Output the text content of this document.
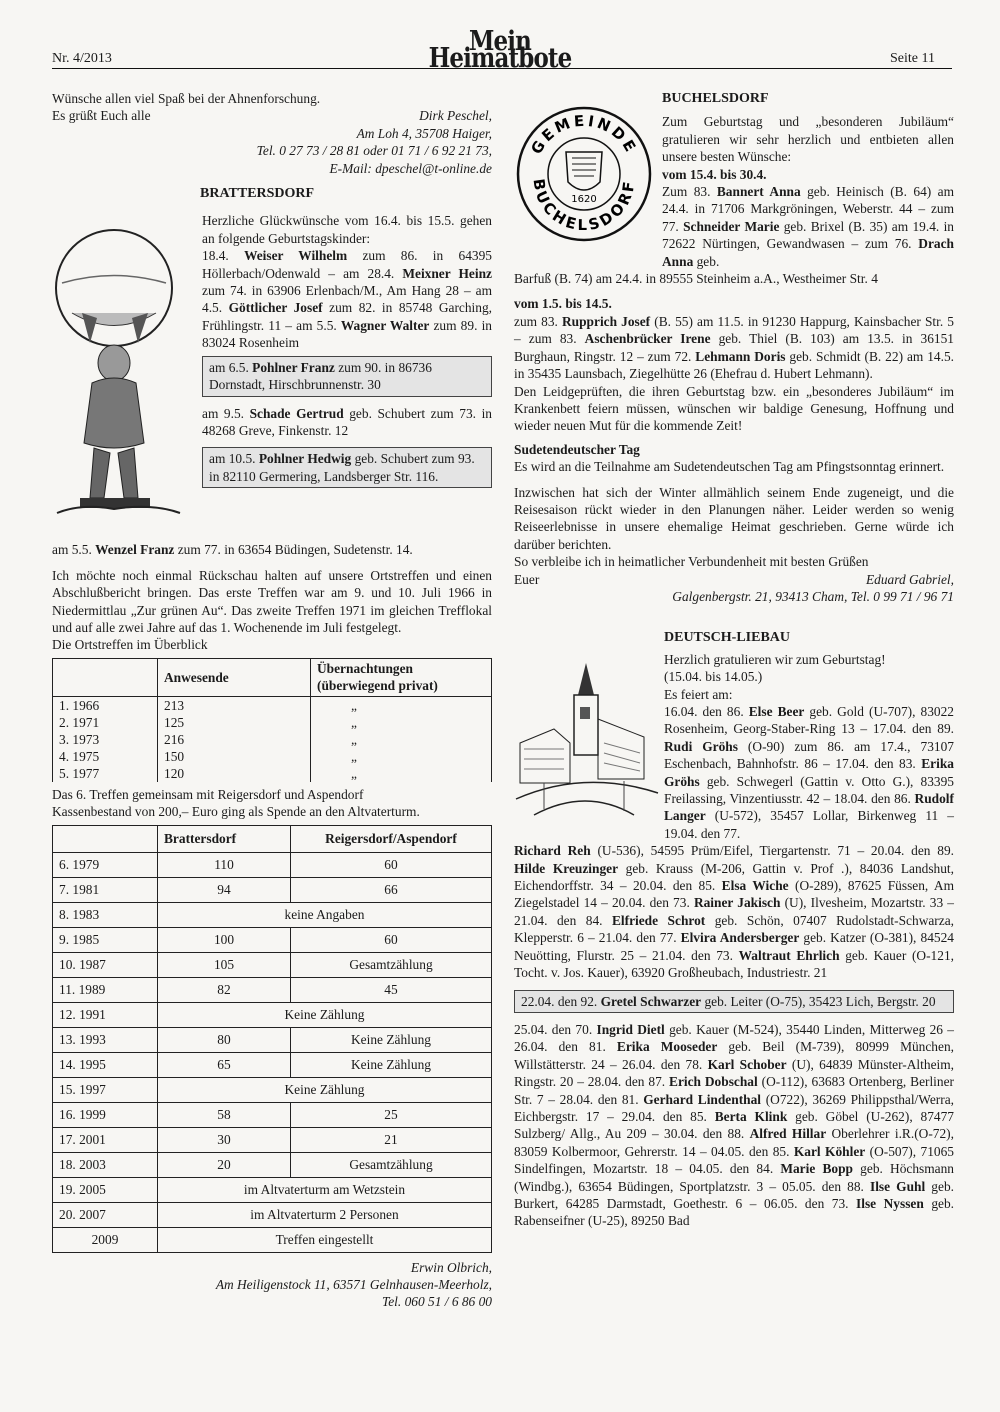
Nr. 4/2013
Mein Heimatbote	Seite 11

Wünsche allen viel Spaß bei der Ahnenforschung.

Es grüßt Euch alle	Dirk Peschel,

Am Loh 4, 35708 Haiger,

Tel. 0 27 73 / 28 81 oder 01 71 / 6 92 21 73,

E-Mail: dpeschel@t-online.de

BRATTERSDORF

Herzliche Glückwünsche vom 16.4. bis 15.5. gehen an folgende Geburtstagskinder:

18.4. Weiser Wilhelm zum 86. in 64395 Höllerbach/Odenwald – am 28.4. Meixner Heinz zum 74. in 63906 Erlenbach/M., Am Hang 28 – am 4.5. Göttlicher Josef zum 82. in 85748 Garching, Frühlingstr. 11 – am 5.5. Wagner Walter zum 89. in 83024 Rosenheim

am 6.5. Pohlner Franz zum 90. in 86736 Dornstadt, Hirschbrunnenstr. 30

am 9.5. Schade Gertrud geb. Schubert zum 73. in 48268 Greve, Finkenstr. 12

am 10.5. Pohlner Hedwig geb. Schubert zum 93. in 82110 Germering, Landsberger Str. 116.

am 5.5. Wenzel Franz zum 77. in 63654 Büdingen, Sudetenstr. 14.

Ich möchte noch einmal Rückschau halten auf unsere Ortstreffen und einen Abschlußbericht bringen. Das erste Treffen war am 9. und 10. Juli 1966 in Niedermittlau „Zur grünen Au“. Das zweite Treffen 1971 im gleichen Trefflokal und auf alle zwei Jahre auf das 1. Wochenende im Juli festgelegt.

Die Ortstreffen im Überblick

	Anwesende	Übernachtungen
(überwiegend privat)
1. 1966	213	„
2. 1971	125	„
3. 1973	216	„
4. 1975	150	„
5. 1977	120	„

Das 6. Treffen gemeinsam mit Reigersdorf und Aspendorf

Kassenbestand von 200,– Euro ging als Spende an den Altvaterturm.

	Brattersdorf	Reigersdorf/Aspendorf
6. 1979	110	60
7. 1981	94	66
8. 1983	keine Angaben	
9. 1985	100	60
10. 1987	105	Gesamtzählung
11. 1989	82	45
12. 1991	Keine Zählung	
13. 1993	80	Keine Zählung
14. 1995	65	Keine Zählung
15. 1997	Keine Zählung	
16. 1999	58	25
17. 2001	30	21
18. 2003	20	Gesamtzählung
19. 2005	im Altvaterturm am Wetzstein	
20. 2007	im Altvaterturm 2 Personen	
2009	Treffen eingestellt	

Erwin Olbrich,

Am Heiligenstock 11, 63571 Gelnhausen-Meerholz,

Tel. 060 51 / 6 86 00

GEMEINDE
BUCHELSDORF
1620

BUCHELSDORF

Zum Geburtstag und „besonderen Jubiläum“ gratulieren wir sehr herzlich und entbieten allen unsere besten Wünsche:

vom 15.4. bis 30.4.

Zum 83. Bannert Anna geb. Heinisch (B. 64) am 24.4. in 71706 Markgröningen, Weberstr. 44 – zum 77. Schneider Marie geb. Brixel (B. 35) am 19.4. in 72622 Nürtingen, Gewandwasen – zum 76. Drach Anna geb.

Barfuß (B. 74) am 24.4. in 89555 Steinheim a.A., Westheimer Str. 4

vom 1.5. bis 14.5.

zum 83. Rupprich Josef (B. 55) am 11.5. in 91230 Happurg, Kainsbacher Str. 5 – zum 83. Aschenbrücker Irene geb. Thiel (B. 103) am 13.5. in 36151 Burghaun, Ringstr. 12 – zum 72. Lehmann Doris geb. Schmidt (B. 22) am 14.5. in 35435 Launsbach, Ziegelhütte 26 (Ehefrau d. Hubert Lehmann).

Den Leidgeprüften, die ihren Geburtstag bzw. ein „besonderes Jubiläum“ im Krankenbett feiern müssen, wünschen wir baldige Genesung, Hoffnung und wieder neuen Mut für die kommende Zeit!

Sudetendeutscher Tag

Es wird an die Teilnahme am Sudetendeutschen Tag am Pfingstsonntag erinnert.

Inzwischen hat sich der Winter allmählich seinem Ende zugeneigt, und die Reisesaison rückt wieder in den Planungen näher. Leider werden so wenig Reiseerlebnisse in unsere ehemalige Heimat geschrieben. Gerne würde ich darüber berichten.

So verbleibe ich in heimatlicher Verbundenheit mit besten Grüßen

Euer	Eduard Gabriel,

Galgenbergstr. 21, 93413 Cham, Tel. 0 99 71 / 96 71

DEUTSCH-LIEBAU

Herzlich gratulieren wir zum Geburtstag!

(15.04. bis 14.05.)

Es feiert am:

16.04. den 86. Else Beer geb. Gold (U-707), 83022 Rosenheim, Georg-Staber-Ring 13 – 17.04. den 89. Rudi Gröhs (O-90) zum 86. am 17.4., 73107 Eschenbach, Bahnhofstr. 86 – 17.04. den 83. Erika Gröhs geb. Schwegerl (Gattin v. Otto G.), 83395 Freilassing, Vinzentiusstr. 42 – 18.04. den 86. Rudolf Langer (U-572), 35457 Lollar, Birkenweg 11 – 19.04. den 77.

Richard Reh (U-536), 54595 Prüm/Eifel, Tiergartenstr. 71 – 20.04. den 89. Hilde Kreuzinger geb. Krauss (M-206, Gattin v. Prof .), 84036 Landshut, Eichendorffstr. 34 – 20.04. den 85. Elsa Wiche (O-289), 87625 Füssen, Am Ziegelstadel 14 – 20.04. den 73. Rainer Jakisch (U), Ilvesheim, Mozartstr. 33 – 21.04. den 84. Elfriede Schrot geb. Schön, 07407 Rudolstadt-Schwarza, Klepperstr. 6 – 21.04. den 77. Elvira Andersberger geb. Katzer (O-381), 84524 Neuötting, Flurstr. 25 – 21.04. den 73. Waltraut Ehrlich geb. Kauer (O-121, Tocht. v. Jos. Kauer), 63920 Großheubach, Industriestr. 21

22.04. den 92. Gretel Schwarzer geb. Leiter (O-75), 35423 Lich, Bergstr. 20

25.04. den 70. Ingrid Dietl geb. Kauer (M-524), 35440 Linden, Mitterweg 26 – 26.04. den 81. Erika Mooseder geb. Beil (M-739), 80999 München, Willstätterstr. 24 – 26.04. den 78. Karl Schober (U), 64839 Münster-Altheim, Ringstr. 20 – 28.04. den 87. Erich Dobschal (O-112), 63683 Ortenberg, Berliner Str. 7 – 28.04. den 81. Gerhard Lindenthal (O722), 36269 Philippsthal/Werra, Eichbergstr. 17 – 29.04. den 85. Berta Klink geb. Göbel (U-262), 87477 Sulzberg/ Allg., Au 209 – 30.04. den 88. Alfred Hillar Oberlehrer i.R.(O-72), 83059 Kolbermoor, Gehrerstr. 14 – 04.05. den 85. Karl Köhler (O-507), 71065 Sindelfingen, Mozartstr. 18 – 04.05. den 84. Marie Bopp geb. Höchsmann (Windbg.), 63654 Büdingen, Sportplatzstr. 3 – 05.05. den 88. Ilse Guhl geb. Burkert, 64285 Darmstadt, Goethestr. 6 – 06.05. den 73. Ilse Nyssen geb. Rabenseifner (U-25), 89250 Bad
